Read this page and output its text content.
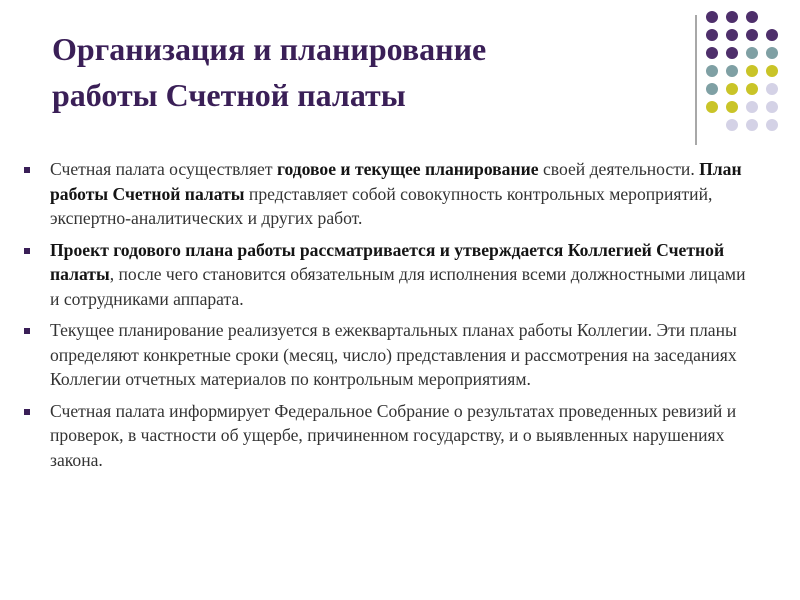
Организация и планирование
работы Счетной палаты
Счетная палата осуществляет годовое и текущее планирование своей деятельности. План работы Счетной палаты представляет собой совокупность контрольных мероприятий, экспертно-аналитических и других работ.
Проект годового плана работы рассматривается и утверждается Коллегией Счетной палаты, после чего становится обязательным для исполнения всеми должностными лицами и сотрудниками аппарата.
Текущее планирование реализуется в ежеквартальных планах работы Коллегии. Эти планы определяют конкретные сроки (месяц, число) представления и рассмотрения на заседаниях Коллегии отчетных материалов по контрольным мероприятиям.
Счетная палата информирует Федеральное Собрание о результатах проведенных ревизий и проверок, в частности об ущербе, причиненном государству, и о выявленных нарушениях закона.
